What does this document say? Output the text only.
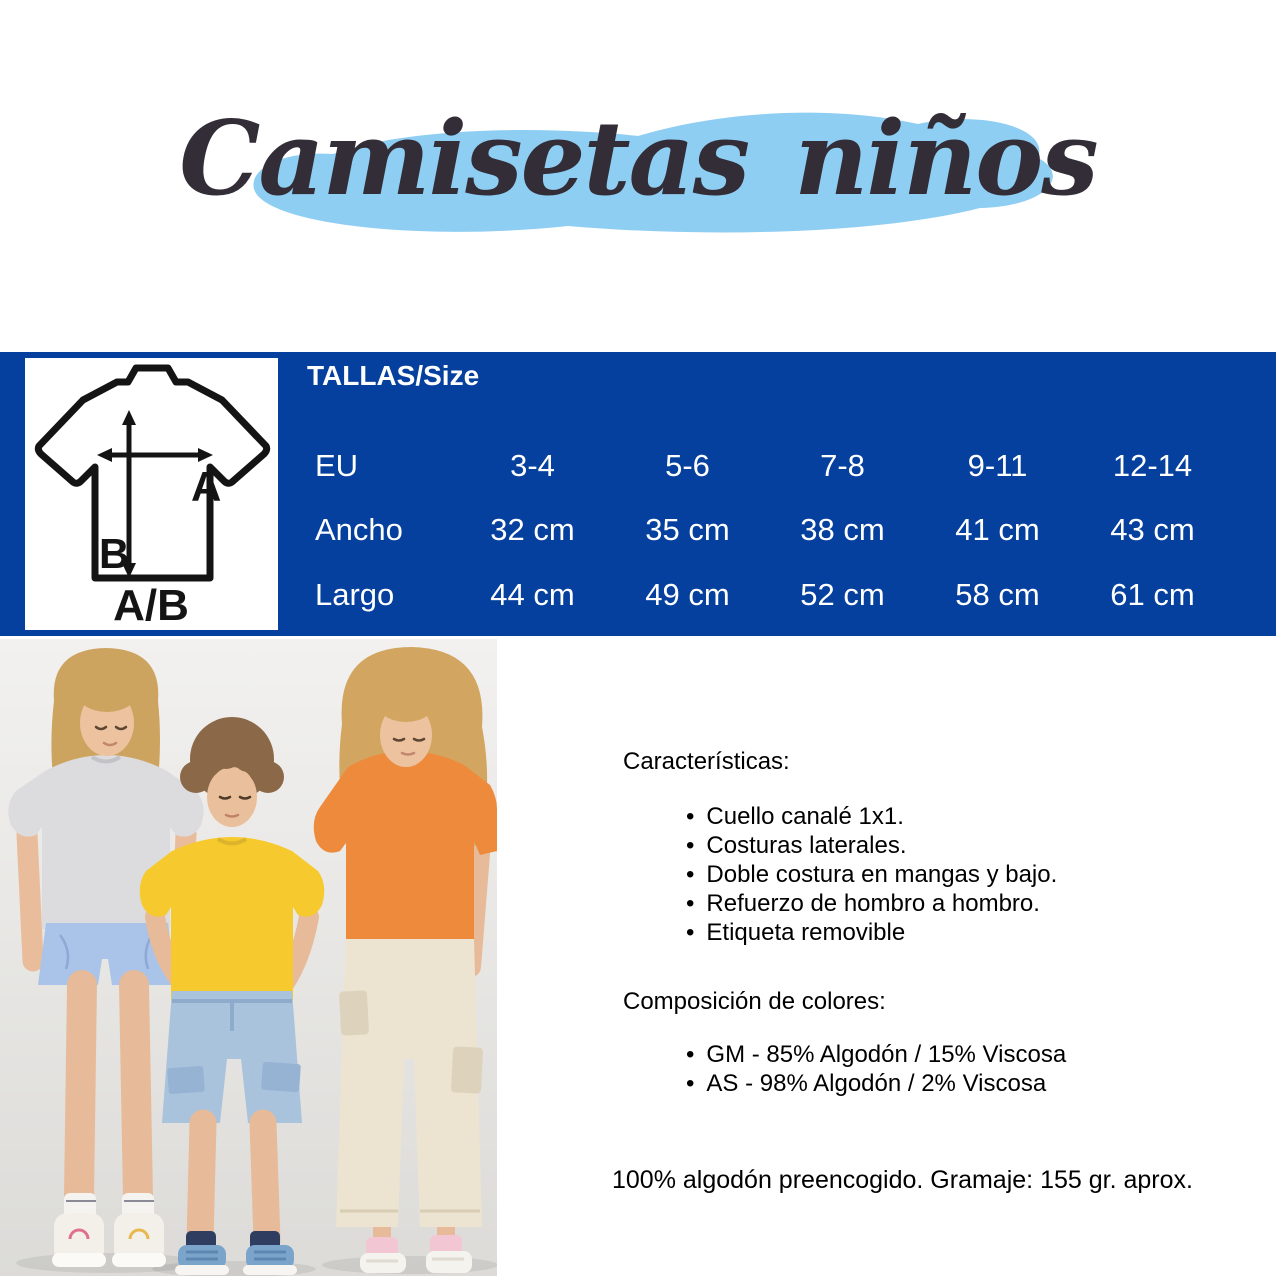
Camisetas niños
A
B
A/B
TALLAS/Size
EU	3-4	5-6	7-8	9-11	12-14
Ancho	32 cm	35 cm	38 cm	41 cm	43 cm
Largo	44 cm	49 cm	52 cm	58 cm	61 cm
Características:
• Cuello canalé 1x1.
• Costuras laterales.
• Doble costura en mangas y bajo.
• Refuerzo de hombro a hombro.
• Etiqueta removible
Composición de colores:
• GM - 85% Algodón / 15% Viscosa
• AS - 98% Algodón / 2% Viscosa
100% algodón preencogido. Gramaje: 155 gr. aprox.
